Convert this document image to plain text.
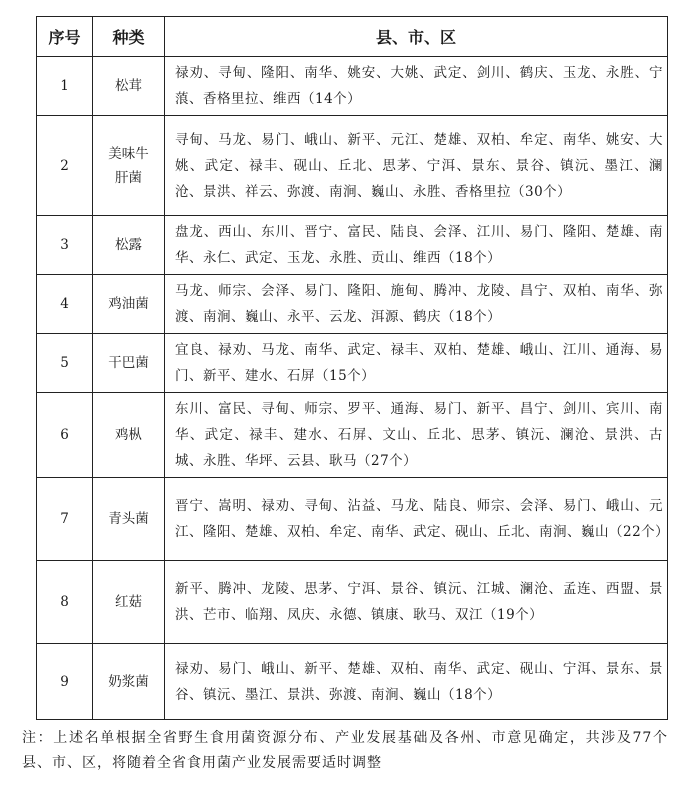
序号	种类	县、市、区
1	松茸	禄劝、寻甸、隆阳、南华、姚安、大姚、武定、剑川、鹤庆、玉龙、永胜、宁蒗、香格里拉、维西（14个）
2	美味牛肝菌	寻甸、马龙、易门、峨山、新平、元江、楚雄、双柏、牟定、南华、姚安、大姚、武定、禄丰、砚山、丘北、思茅、宁洱、景东、景谷、镇沅、墨江、澜沧、景洪、祥云、弥渡、南涧、巍山、永胜、香格里拉（30个）
3	松露	盘龙、西山、东川、晋宁、富民、陆良、会泽、江川、易门、隆阳、楚雄、南华、永仁、武定、玉龙、永胜、贡山、维西（18个）
4	鸡油菌	马龙、师宗、会泽、易门、隆阳、施甸、腾冲、龙陵、昌宁、双柏、南华、弥渡、南涧、巍山、永平、云龙、洱源、鹤庆（18个）
5	干巴菌	宜良、禄劝、马龙、南华、武定、禄丰、双柏、楚雄、峨山、江川、通海、易门、新平、建水、石屏（15个）
6	鸡枞	东川、富民、寻甸、师宗、罗平、通海、易门、新平、昌宁、剑川、宾川、南华、武定、禄丰、建水、石屏、文山、丘北、思茅、镇沅、澜沧、景洪、古城、永胜、华坪、云县、耿马（27个）
7	青头菌	晋宁、嵩明、禄劝、寻甸、沾益、马龙、陆良、师宗、会泽、易门、峨山、元江、隆阳、楚雄、双柏、牟定、南华、武定、砚山、丘北、南涧、巍山（22个）
8	红菇	新平、腾冲、龙陵、思茅、宁洱、景谷、镇沅、江城、澜沧、孟连、西盟、景洪、芒市、临翔、凤庆、永德、镇康、耿马、双江（19个）
9	奶浆菌	禄劝、易门、峨山、新平、楚雄、双柏、南华、武定、砚山、宁洱、景东、景谷、镇沅、墨江、景洪、弥渡、南涧、巍山（18个）
注：上述名单根据全省野生食用菌资源分布、产业发展基础及各州、市意见确定，共涉及77个县、市、区，将随着全省食用菌产业发展需要适时调整
